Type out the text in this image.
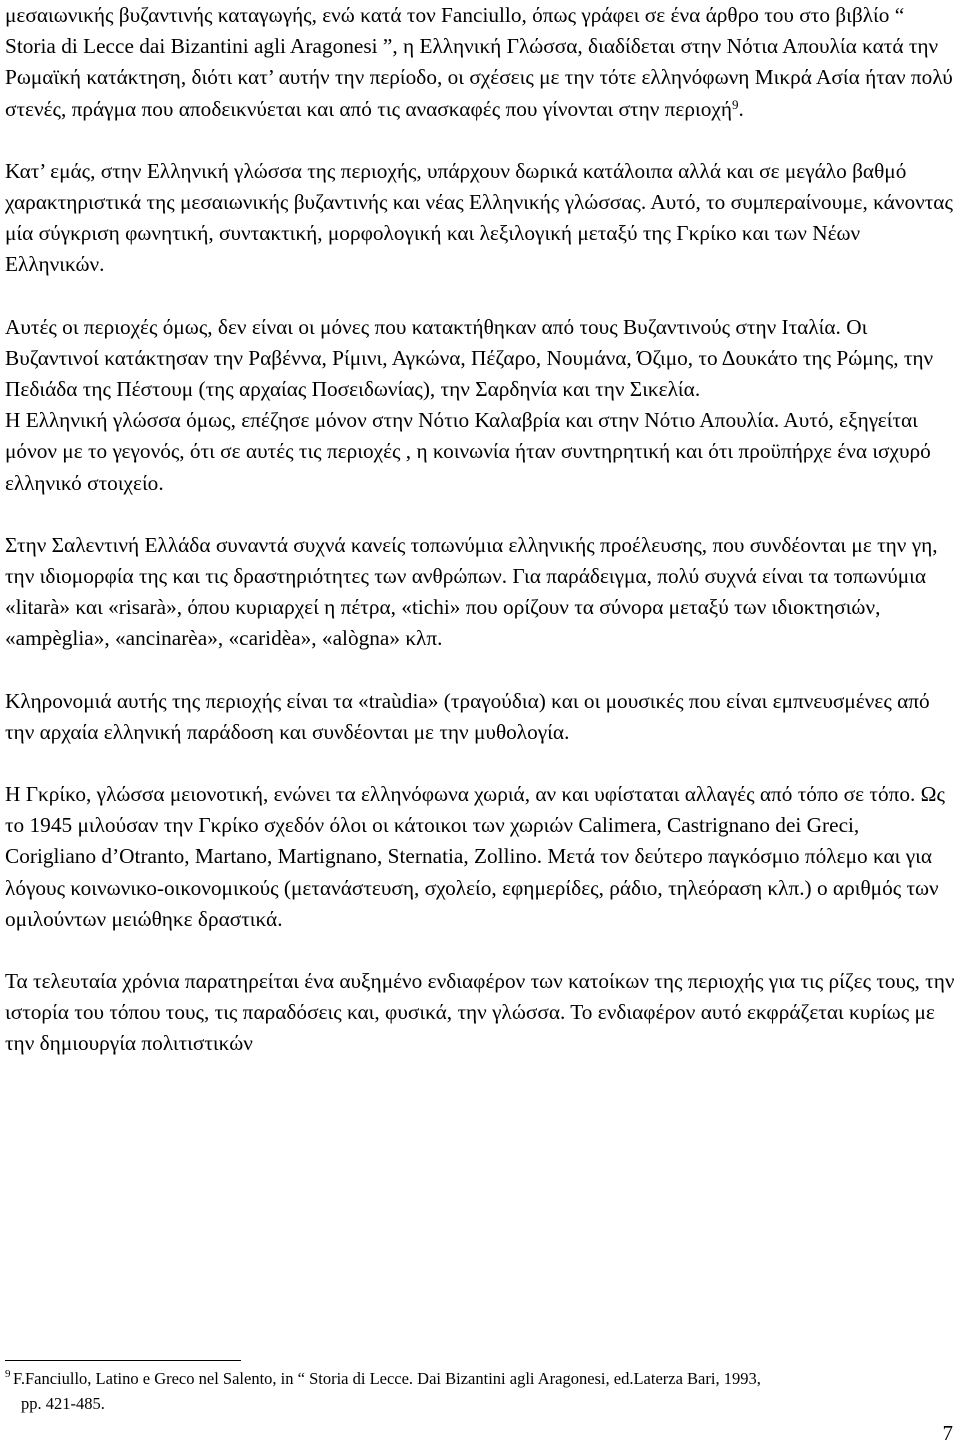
μεσαιωνικής βυζαντινής καταγωγής, ενώ κατά τον Fanciullo, όπως γράφει σε ένα άρθρο του στο βιβλίο “ Storia di Lecce dai Bizantini agli Aragonesi ”, η Ελληνική Γλώσσα, διαδίδεται στην Νότια Απουλία κατά την Ρωμαϊκή κατάκτηση, διότι κατ’ αυτήν την περίοδο, οι σχέσεις με την τότε ελληνόφωνη Μικρά Ασία ήταν πολύ στενές, πράγμα που αποδεικνύεται και από τις ανασκαφές που γίνονται στην περιοχή$^9$.

Κατ’ εμάς, στην Ελληνική γλώσσα της περιοχής, υπάρχουν δωρικά κατάλοιπα αλλά και σε μεγάλο βαθμό χαρακτηριστικά της μεσαιωνικής βυζαντινής και νέας Ελληνικής γλώσσας. Αυτό, το συμπεραίνουμε, κάνοντας μία σύγκριση φωνητική, συντακτική, μορφολογική και λεξιλογική μεταξύ της Γκρίκο και των Νέων Ελληνικών.

Αυτές οι περιοχές όμως, δεν είναι οι μόνες που κατακτήθηκαν από τους Βυζαντινούς στην Ιταλία. Οι Βυζαντινοί κατάκτησαν την Ραβέννα, Ρίμινι, Αγκώνα, Πέζαρο, Νουμάνα, Όζιμο, το Δουκάτο της Ρώμης, την Πεδιάδα της Πέστουμ (της αρχαίας Ποσειδωνίας), την Σαρδηνία και την Σικελία.

Η Ελληνική γλώσσα όμως, επέζησε μόνον στην Νότιο Καλαβρία και στην Νότιο Απουλία. Αυτό, εξηγείται μόνον με το γεγονός, ότι σε αυτές τις περιοχές , η κοινωνία ήταν συντηρητική και ότι προϋπήρχε ένα ισχυρό ελληνικό στοιχείο.

Στην Σαλεντινή Ελλάδα συναντά συχνά κανείς τοπωνύμια ελληνικής προέλευσης, που συνδέονται με την γη, την ιδιομορφία της και τις δραστηριότητες των ανθρώπων. Για παράδειγμα, πολύ συχνά είναι τα τοπωνύμια «litarà» και «risarà», όπου κυριαρχεί η πέτρα, «tichi» που ορίζουν τα σύνορα μεταξύ των ιδιοκτησιών, «ampèglia», «ancinarèa», «caridèa», «alògna» κλπ.

Κληρονομιά αυτής της περιοχής είναι τα «traùdia» (τραγούδια) και οι μουσικές που είναι εμπνευσμένες από την αρχαία ελληνική παράδοση και συνδέονται με την μυθολογία.

Η Γκρίκο, γλώσσα μειονοτική, ενώνει τα ελληνόφωνα χωριά, αν και υφίσταται αλλαγές από τόπο σε τόπο. Ως το 1945 μιλούσαν την Γκρίκο σχεδόν όλοι οι κάτοικοι των χωριών Calimera, Castrignano dei Greci, Corigliano d’Otranto, Martano, Martignano, Sternatia, Zollino. Μετά τον δεύτερο παγκόσμιο πόλεμο και για λόγους κοινωνικο-οικονομικούς (μετανάστευση, σχολείο, εφημερίδες, ράδιο, τηλεόραση κλπ.) ο αριθμός των ομιλούντων μειώθηκε δραστικά.

Τα τελευταία χρόνια παρατηρείται ένα αυξημένο ενδιαφέρον των κατοίκων της περιοχής για τις ρίζες τους, την ιστορία του τόπου τους, τις παραδόσεις και, φυσικά, την γλώσσα. Το ενδιαφέρον αυτό εκφράζεται κυρίως με την δημιουργία πολιτιστικών

9 F.Fanciullo, Latino e Greco nel Salento, in “ Storia di Lecce. Dai Bizantini agli Aragonesi, ed.Laterza Bari, 1993,
pp. 421-485.
7
